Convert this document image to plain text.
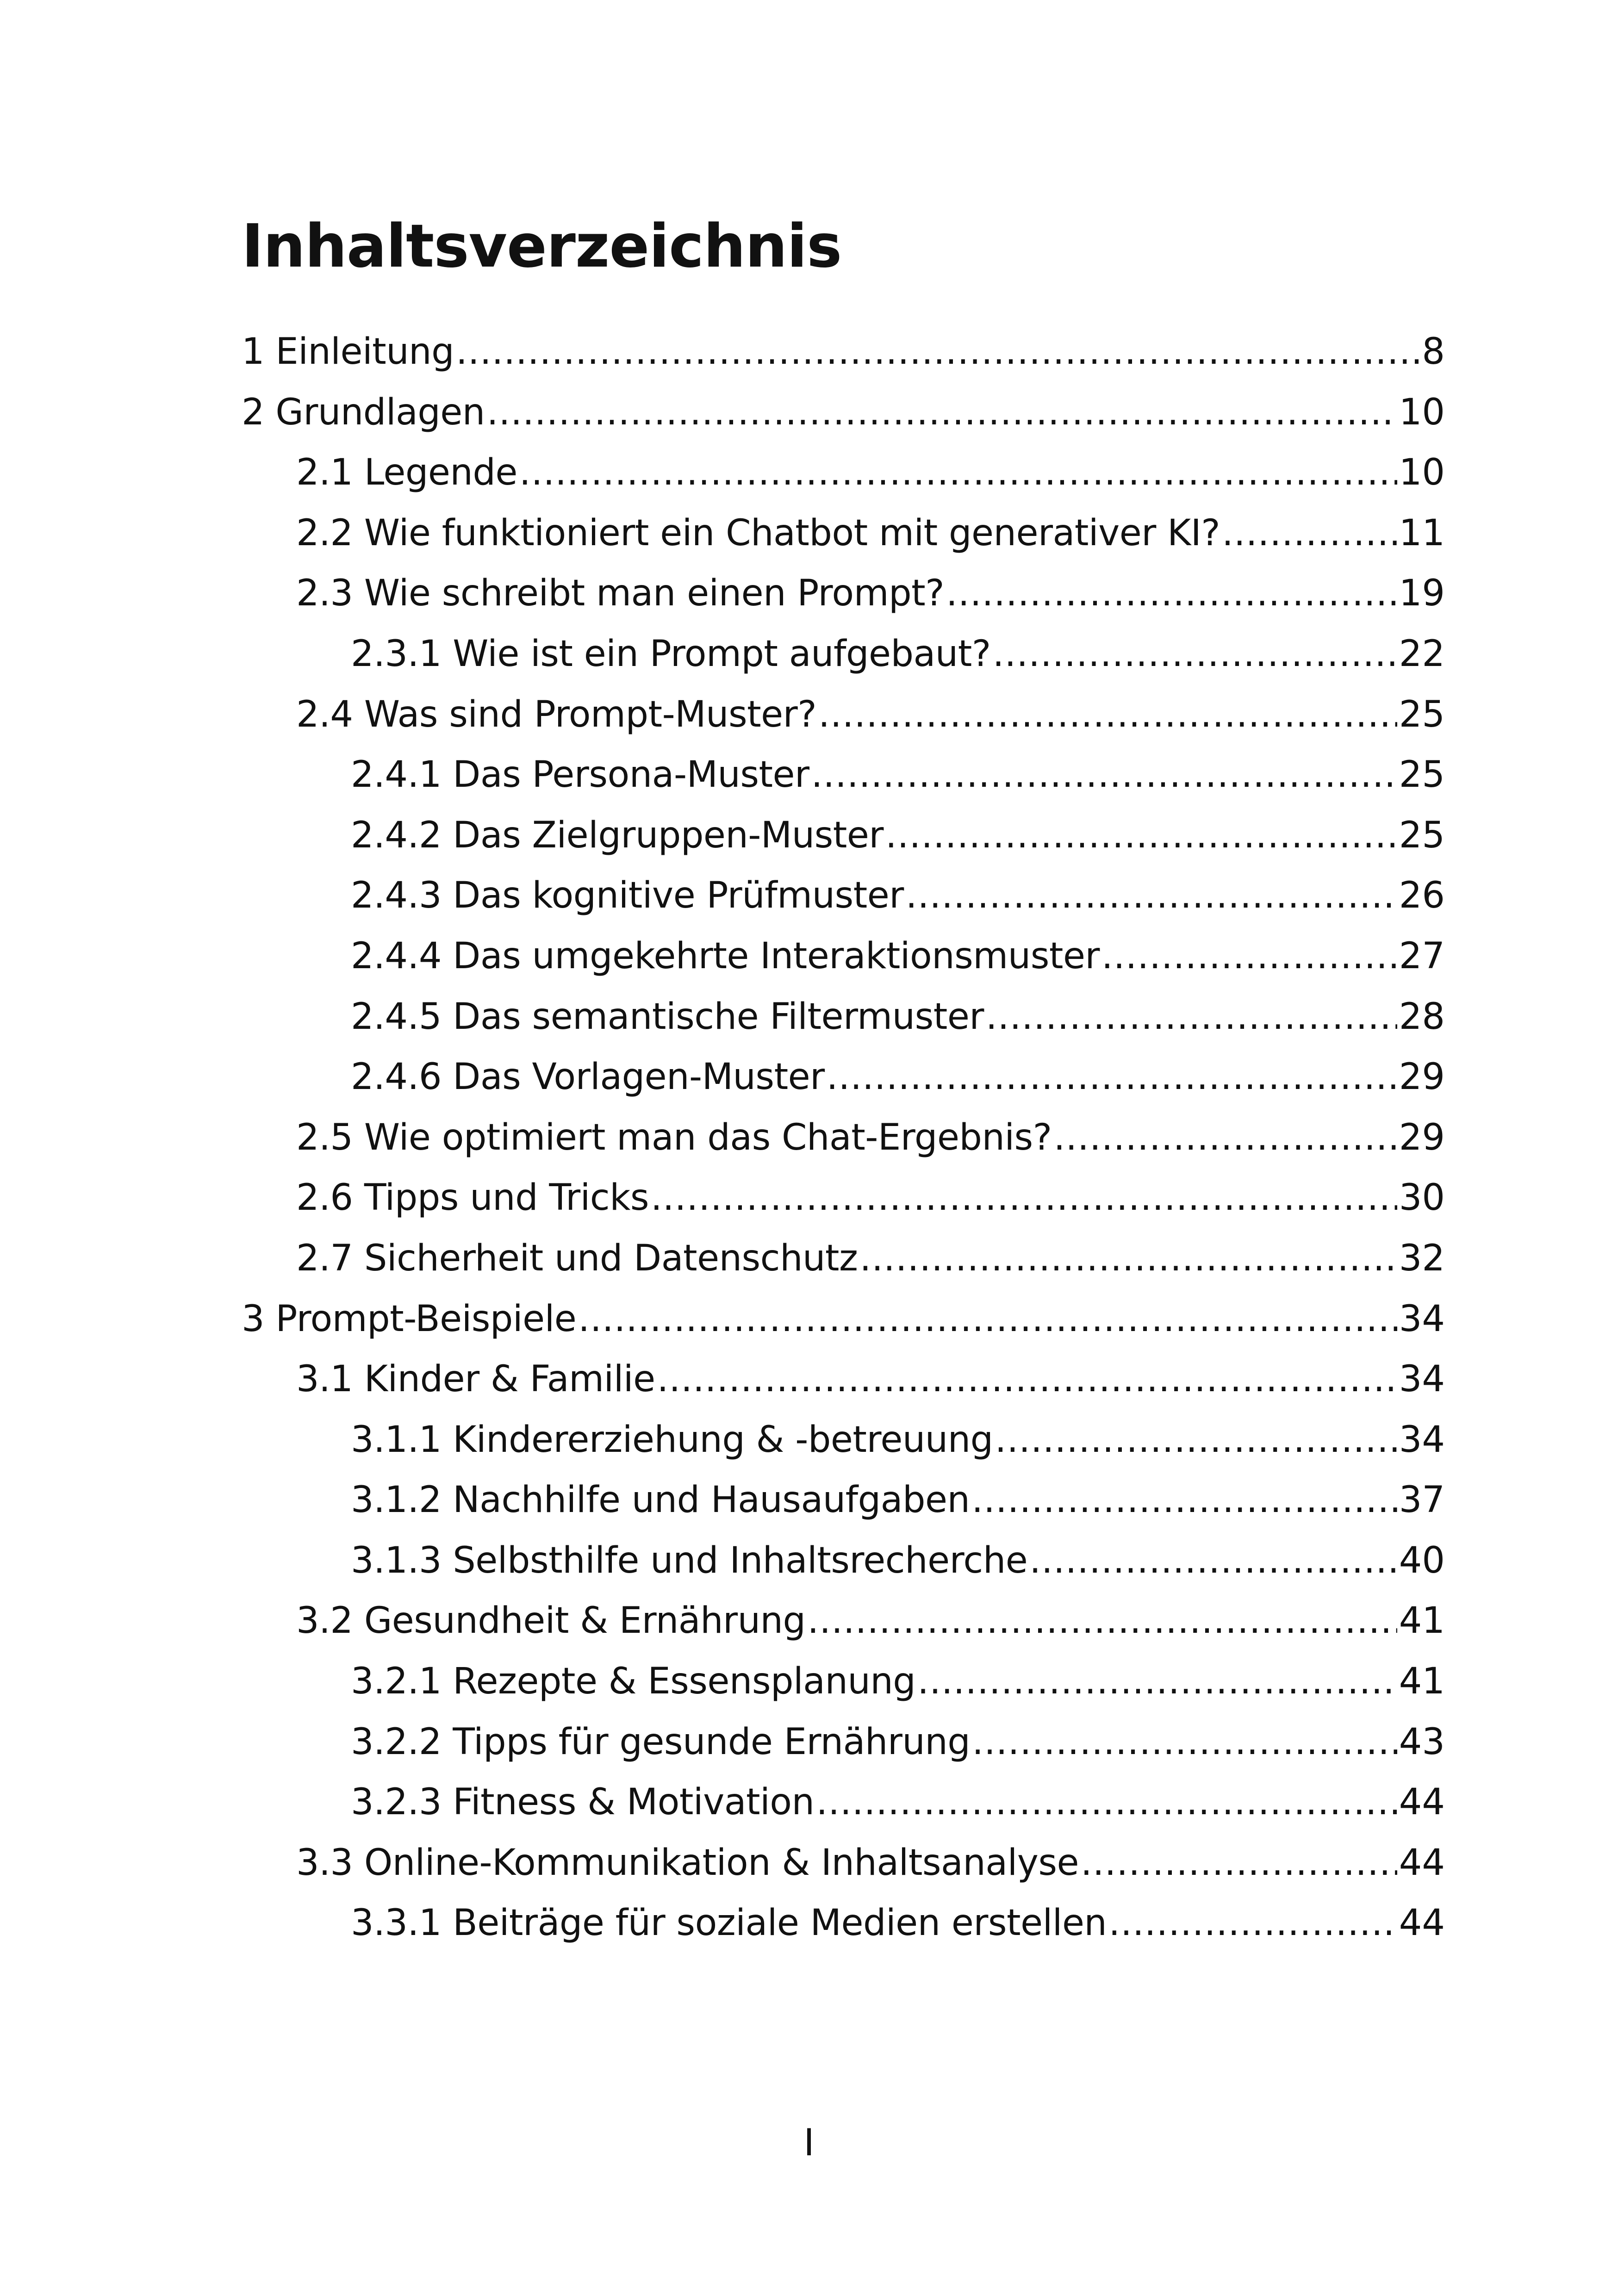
Inhaltsverzeichnis
1 Einleitung .....	8
2 Grundlagen .....	10
2.1 Legende .....	10
2.2 Wie funktioniert ein Chatbot mit generativer KI? .....	11
2.3 Wie schreibt man einen Prompt? .....	19
2.3.1 Wie ist ein Prompt aufgebaut? .....	22
2.4 Was sind Prompt-Muster? .....	25
2.4.1 Das Persona-Muster .....	25
2.4.2 Das Zielgruppen-Muster .....	25
2.4.3 Das kognitive Prüfmuster .....	26
2.4.4 Das umgekehrte Interaktionsmuster .....	27
2.4.5 Das semantische Filtermuster .....	28
2.4.6 Das Vorlagen-Muster .....	29
2.5 Wie optimiert man das Chat-Ergebnis? .....	29
2.6 Tipps und Tricks .....	30
2.7 Sicherheit und Datenschutz .....	32
3 Prompt-Beispiele .....	34
3.1 Kinder & Familie .....	34
3.1.1 Kindererziehung & -betreuung .....	34
3.1.2 Nachhilfe und Hausaufgaben .....	37
3.1.3 Selbsthilfe und Inhaltsrecherche .....	40
3.2 Gesundheit & Ernährung .....	41
3.2.1 Rezepte & Essensplanung .....	41
3.2.2 Tipps für gesunde Ernährung .....	43
3.2.3 Fitness & Motivation .....	44
3.3 Online-Kommunikation & Inhaltsanalyse .....	44
3.3.1 Beiträge für soziale Medien erstellen .....	44
I
